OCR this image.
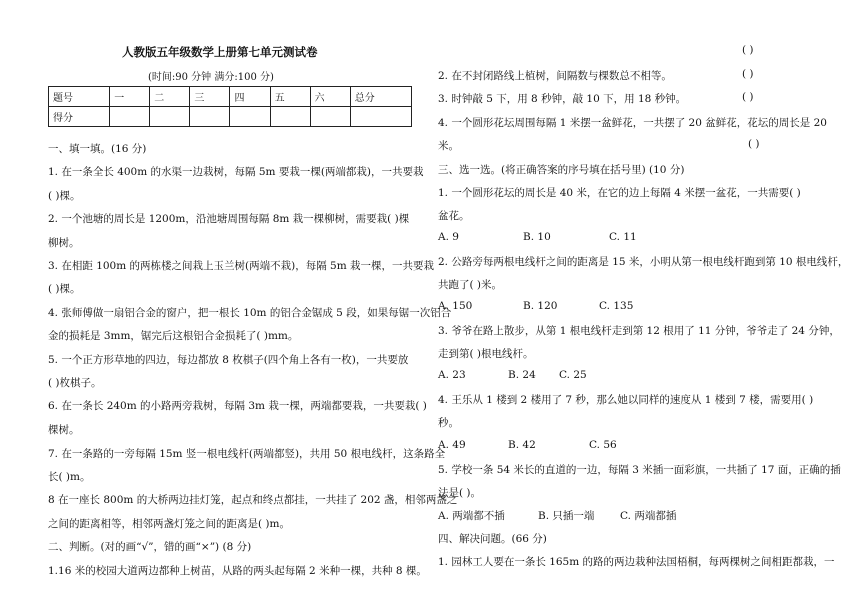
人教版五年级数学上册第七单元测试卷
(时间:90 分钟 满分:100 分)
题号	一	二	三	四	五	六	总分
得分							
一、填一填。(16 分)
1. 在一条全长 400m 的水渠一边栽树，每隔 5m 要栽一棵(两端都栽)，一共要栽
( )棵。
2. 一个池塘的周长是 1200m，沿池塘周围每隔 8m 栽一棵柳树，需要栽( )棵
柳树。
3. 在相距 100m 的两栋楼之间栽上玉兰树(两端不栽)，每隔 5m 栽一棵，一共要栽
( )棵。
4. 张师傅做一扇铝合金的窗户，把一根长 10m 的铝合金锯成 5 段，如果每锯一次铝合
金的损耗是 3mm，锯完后这根铝合金损耗了( )mm。
5. 一个正方形草地的四边，每边都放 8 枚棋子(四个角上各有一枚)，一共要放
( )枚棋子。
6. 在一条长 240m 的小路两旁栽树，每隔 3m 栽一棵，两端都要栽，一共要栽( )
棵树。
7. 在一条路的一旁每隔 15m 竖一根电线杆(两端都竖)，共用 50 根电线杆，这条路全
长( )m。
8 在一座长 800m 的大桥两边挂灯笼，起点和终点都挂，一共挂了 202 盏，相邻两盏之
之间的距离相等，相邻两盏灯笼之间的距离是( )m。
二、判断。(对的画“√”，错的画“×”) (8 分)
1.16 米的校园大道两边都种上树苗，从路的两头起每隔 2 米种一棵，共种 8 棵。
( )
2. 在不封闭路线上植树，间隔数与棵数总不相等。	( )
3. 时钟敲 5 下，用 8 秒钟，敲 10 下，用 18 秒钟。	( )
4. 一个圆形花坛周围每隔 1 米摆一盆鲜花，一共摆了 20 盆鲜花，花坛的周长是 20
米。	( )
三、选一选。(将正确答案的序号填在括号里) (10 分)
1. 一个圆形花坛的周长是 40 米，在它的边上每隔 4 米摆一盆花，一共需要( )
盆花。
A. 9	B. 10	C. 11
2. 公路旁每两根电线杆之间的距离是 15 米，小明从第一根电线杆跑到第 10 根电线杆，
共跑了( )米。
A. 150	B. 120	C. 135
3. 爷爷在路上散步，从第 1 根电线杆走到第 12 根用了 11 分钟，爷爷走了 24 分钟，
走到第( )根电线杆。
A. 23	B. 24 C. 25
4. 王乐从 1 楼到 2 楼用了 7 秒，那么她以同样的速度从 1 楼到 7 楼，需要用( )
秒。
A. 49	B. 42	C. 56
5. 学校一条 54 米长的直道的一边，每隔 3 米插一面彩旗，一共插了 17 面，正确的插
法是( )。
A. 两端都不插	B. 只插一端 C. 两端都插
四、解决问题。(66 分)
1. 园林工人要在一条长 165m 的路的两边栽种法国梧桐，每两棵树之间相距都栽，一
